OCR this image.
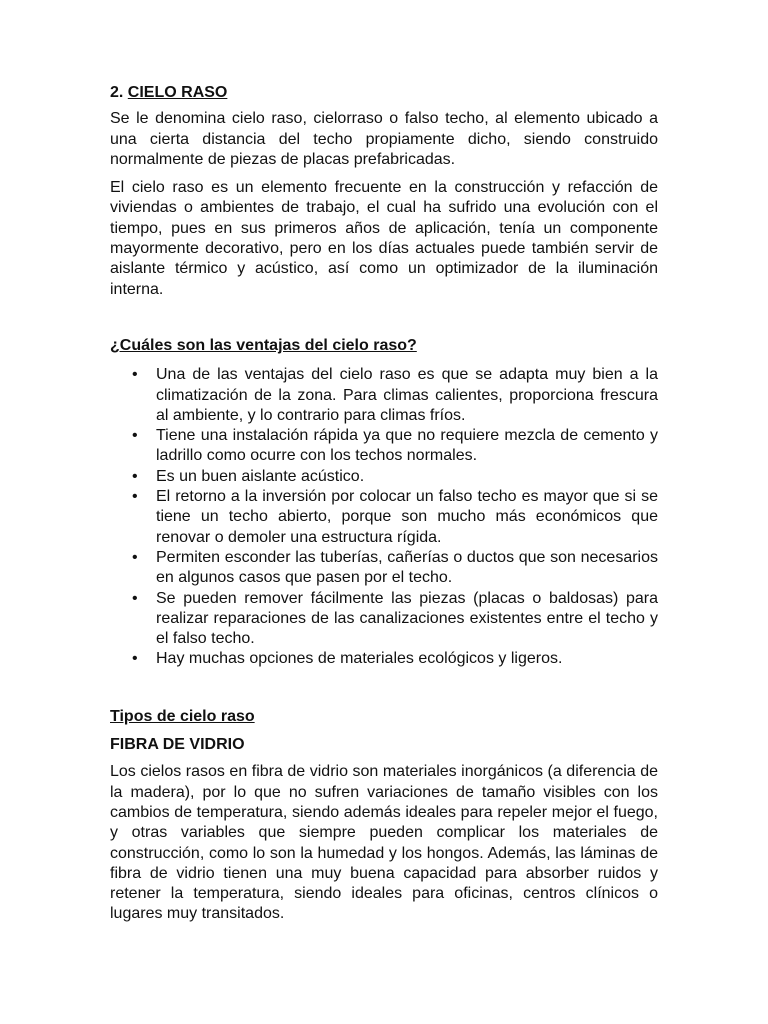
2. CIELO RASO

Se le denomina cielo raso, cielorraso o falso techo, al elemento ubicado a una cierta distancia del techo propiamente dicho, siendo construido normalmente de piezas de placas prefabricadas.

El cielo raso es un elemento frecuente en la construcción y refacción de viviendas o ambientes de trabajo, el cual ha sufrido una evolución con el tiempo, pues en sus primeros años de aplicación, tenía un componente mayormente decorativo, pero en los días actuales puede también servir de aislante térmico y acústico, así como un optimizador de la iluminación interna.

¿Cuáles son las ventajas del cielo raso?
• Una de las ventajas del cielo raso es que se adapta muy bien a la climatización de la zona. Para climas calientes, proporciona frescura al ambiente, y lo contrario para climas fríos.
• Tiene una instalación rápida ya que no requiere mezcla de cemento y ladrillo como ocurre con los techos normales.
• Es un buen aislante acústico.
• El retorno a la inversión por colocar un falso techo es mayor que si se tiene un techo abierto, porque son mucho más económicos que renovar o demoler una estructura rígida.
• Permiten esconder las tuberías, cañerías o ductos que son necesarios en algunos casos que pasen por el techo.
• Se pueden remover fácilmente las piezas (placas o baldosas) para realizar reparaciones de las canalizaciones existentes entre el techo y el falso techo.
• Hay muchas opciones de materiales ecológicos y ligeros.
Tipos de cielo raso
FIBRA DE VIDRIO

Los cielos rasos en fibra de vidrio son materiales inorgánicos (a diferencia de la madera), por lo que no sufren variaciones de tamaño visibles con los cambios de temperatura, siendo además ideales para repeler mejor el fuego, y otras variables que siempre pueden complicar los materiales de construcción, como lo son la humedad y los hongos. Además, las láminas de fibra de vidrio tienen una muy buena capacidad para absorber ruidos y retener la temperatura, siendo ideales para oficinas, centros clínicos o lugares muy transitados.
